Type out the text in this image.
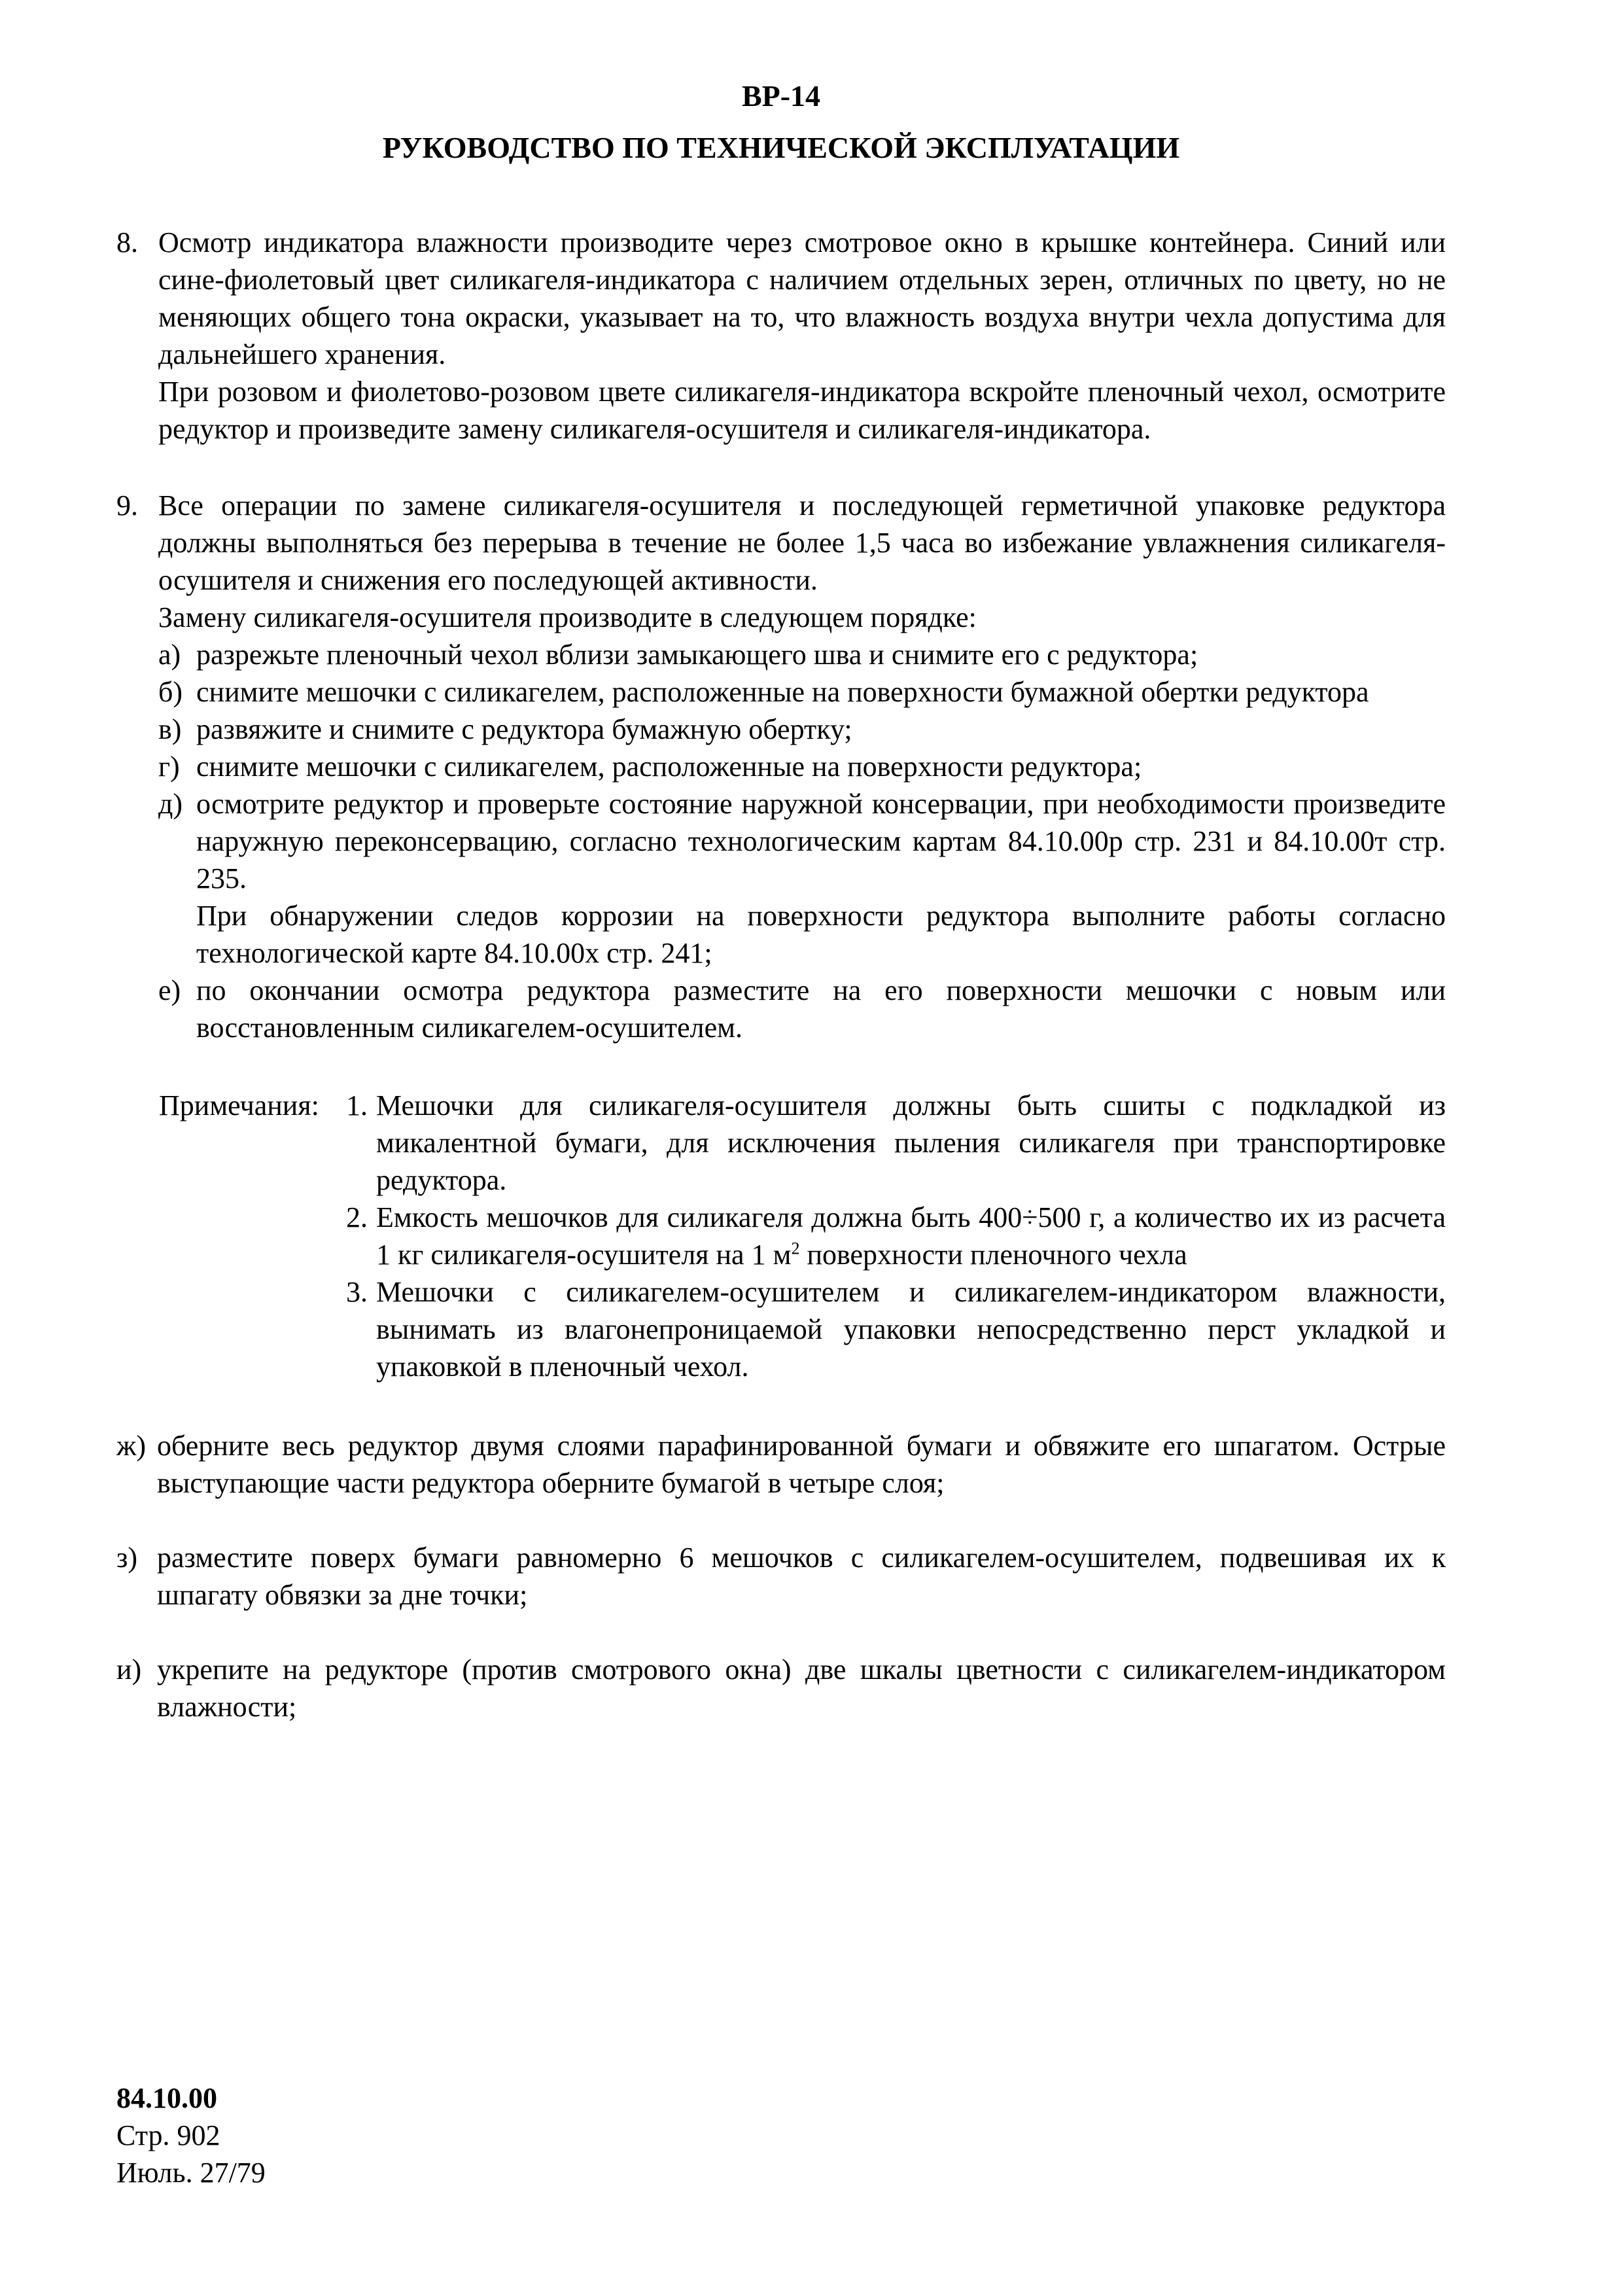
ВР-14
РУКОВОДСТВО ПО ТЕХНИЧЕСКОЙ ЭКСПЛУАТАЦИИ
8. Осмотр индикатора влажности производите через смотровое окно в крышке контейнера. Синий или сине-фиолетовый цвет силикагеля-индикатора с наличием отдельных зерен, отличных по цвету, но не меняющих общего тона окраски, указывает на то, что влажность воздуха внутри чехла допустима для дальнейшего хранения.
При розовом и фиолетово-розовом цвете силикагеля-индикатора вскройте пленочный чехол, осмотрите редуктор и произведите замену силикагеля-осушителя и силикагеля-индикатора.
9. Все операции по замене силикагеля-осушителя и последующей герметичной упаковке редуктора должны выполняться без перерыва в течение не более 1,5 часа во избежание увлажнения силикагеля-осушителя и снижения его последующей активности.
Замену силикагеля-осушителя производите в следующем порядке:
а) разрежьте пленочный чехол вблизи замыкающего шва и снимите его с редуктора;
б) снимите мешочки с силикагелем, расположенные на поверхности бумажной обертки редуктора
в) развяжите и снимите с редуктора бумажную обертку;
г) снимите мешочки с силикагелем, расположенные на поверхности редуктора;
д) осмотрите редуктор и проверьте состояние наружной консервации, при необходимости произведите наружную переконсервацию, согласно технологическим картам 84.10.00р стр. 231 и 84.10.00т стр. 235.
При обнаружении следов коррозии на поверхности редуктора выполните работы согласно технологической карте 84.10.00х стр. 241;
е) по окончании осмотра редуктора разместите на его поверхности мешочки с новым или восстановленным силикагелем-осушителем.
Примечания: 1. Мешочки для силикагеля-осушителя должны быть сшиты с подкладкой из микалентной бумаги, для исключения пыления силикагеля при транспортировке редуктора.
2. Емкость мешочков для силикагеля должна быть 400÷500 г, а количество их из расчета 1 кг силикагеля-осушителя на 1 $м^2$ поверхности пленочного чехла
3. Мешочки с силикагелем-осушителем и силикагелем-индикатором влажности, вынимать из влагонепроницаемой упаковки непосредственно перст укладкой и упаковкой в пленочный чехол.
ж) оберните весь редуктор двумя слоями парафинированной бумаги и обвяжите его шпагатом. Острые выступающие части редуктора оберните бумагой в четыре слоя;
з) разместите поверх бумаги равномерно 6 мешочков с силикагелем-осушителем, подвешивая их к шпагату обвязки за дне точки;
и) укрепите на редукторе (против смотрового окна) две шкалы цветности с силикагелем-индикатором влажности;
84.10.00
Стр. 902
Июль. 27/79
